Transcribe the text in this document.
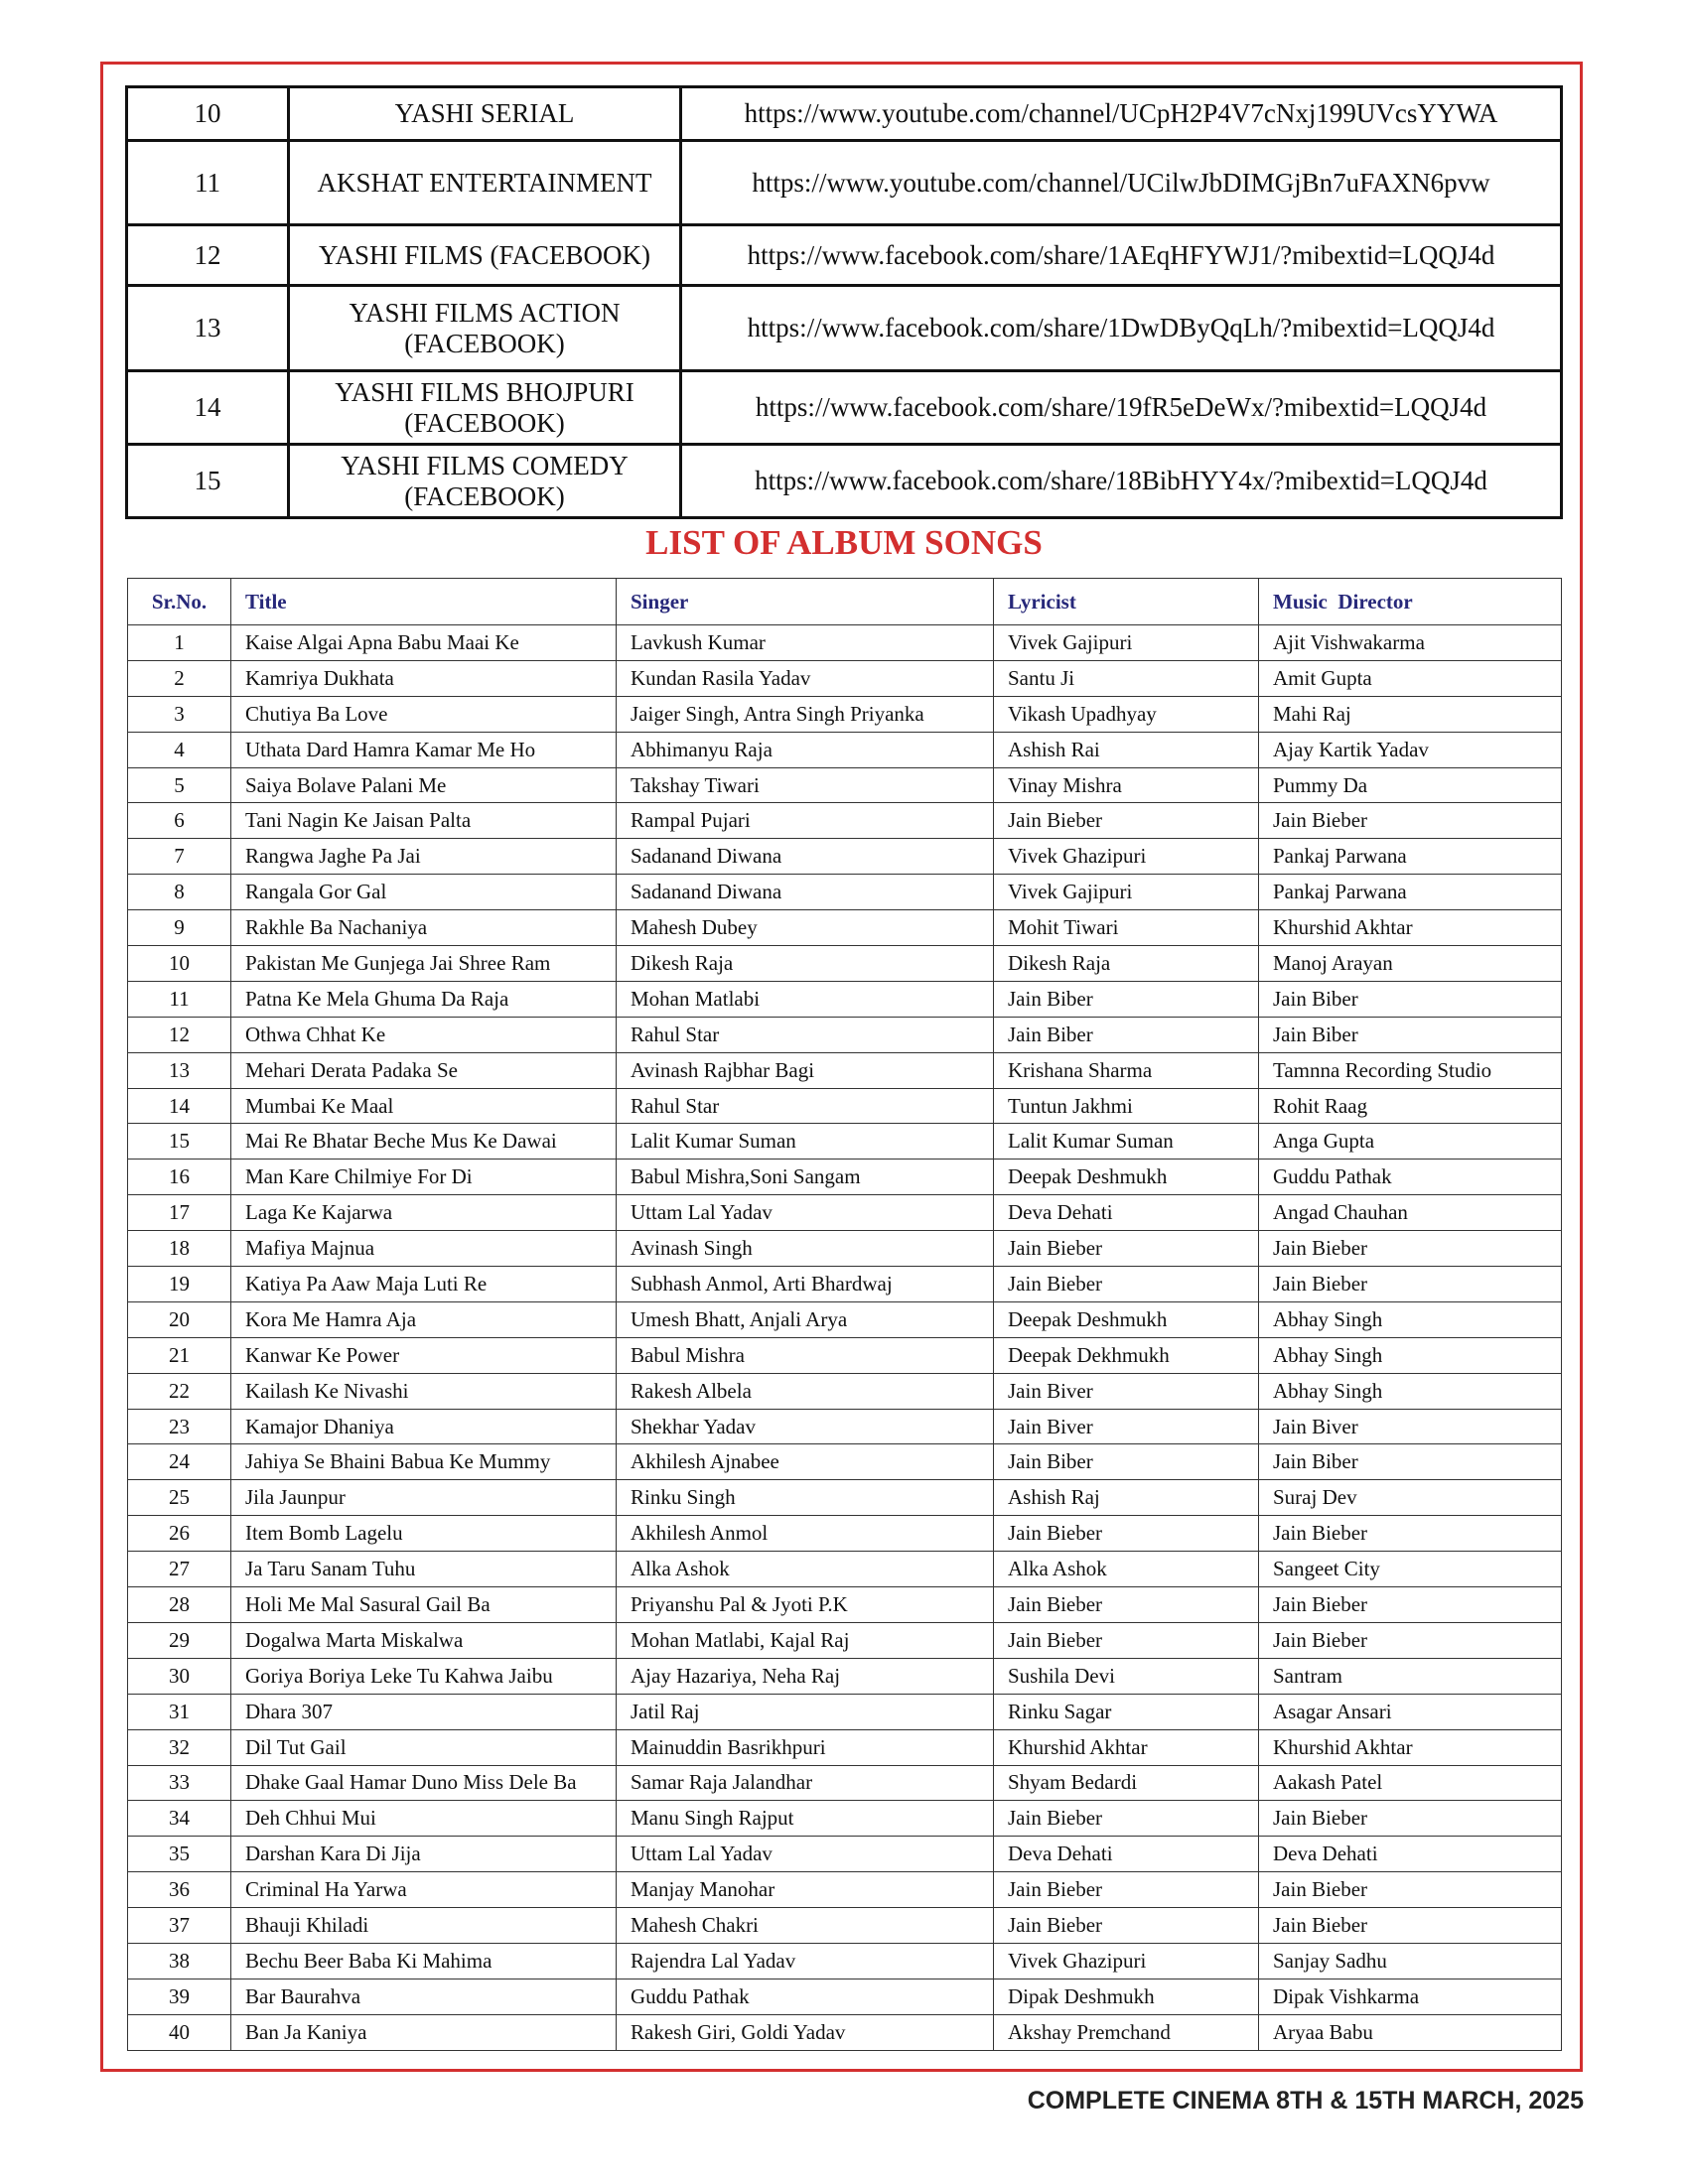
10	YASHI SERIAL	https://www.youtube.com/channel/UCpH2P4V7cNxj199UVcsYYWA
11	AKSHAT ENTERTAINMENT	https://www.youtube.com/channel/UCilwJbDIMGjBn7uFAXN6pvw
12	YASHI FILMS (FACEBOOK)	https://www.facebook.com/share/1AEqHFYWJ1/?mibextid=LQQJ4d
13	YASHI FILMS ACTION (FACEBOOK)	https://www.facebook.com/share/1DwDByQqLh/?mibextid=LQQJ4d
14	YASHI FILMS BHOJPURI (FACEBOOK)	https://www.facebook.com/share/19fR5eDeWx/?mibextid=LQQJ4d
15	YASHI FILMS COMEDY (FACEBOOK)	https://www.facebook.com/share/18BibHYY4x/?mibextid=LQQJ4d
LIST OF ALBUM SONGS
Sr.No.	Title	Singer	Lyricist	Music  Director
1	Kaise Algai Apna Babu Maai Ke	Lavkush Kumar	Vivek Gajipuri	Ajit Vishwakarma
2	Kamriya Dukhata	Kundan Rasila Yadav	Santu Ji	Amit Gupta
3	Chutiya Ba Love	Jaiger Singh, Antra Singh Priyanka	Vikash Upadhyay	Mahi Raj
4	Uthata Dard Hamra Kamar Me Ho	Abhimanyu Raja	Ashish Rai	Ajay Kartik Yadav
5	Saiya Bolave Palani Me	Takshay Tiwari	Vinay Mishra	Pummy Da
6	Tani Nagin Ke Jaisan Palta	Rampal Pujari	Jain Bieber	Jain Bieber
7	Rangwa Jaghe Pa Jai	Sadanand Diwana	Vivek Ghazipuri	Pankaj Parwana
8	Rangala Gor Gal	Sadanand Diwana	Vivek Gajipuri	Pankaj Parwana
9	Rakhle Ba Nachaniya	Mahesh Dubey	Mohit Tiwari	Khurshid Akhtar
10	Pakistan Me Gunjega Jai Shree Ram	Dikesh Raja	Dikesh Raja	Manoj Arayan
11	Patna Ke Mela Ghuma Da Raja	Mohan Matlabi	Jain Biber	Jain Biber
12	Othwa Chhat Ke	Rahul Star	Jain Biber	Jain Biber
13	Mehari Derata Padaka Se	Avinash Rajbhar Bagi	Krishana Sharma	Tamnna Recording Studio
14	Mumbai Ke Maal	Rahul Star	Tuntun Jakhmi	Rohit Raag
15	Mai Re Bhatar Beche Mus Ke Dawai	Lalit Kumar Suman	Lalit Kumar Suman	Anga Gupta
16	Man Kare Chilmiye For Di	Babul Mishra,Soni Sangam	Deepak Deshmukh	Guddu Pathak
17	Laga Ke Kajarwa	Uttam Lal Yadav	Deva Dehati	Angad Chauhan
18	Mafiya Majnua	Avinash Singh	Jain Bieber	Jain Bieber
19	Katiya Pa Aaw Maja Luti Re	Subhash Anmol, Arti Bhardwaj	Jain Bieber	Jain Bieber
20	Kora Me Hamra Aja	Umesh Bhatt, Anjali Arya	Deepak Deshmukh	Abhay Singh
21	Kanwar Ke Power	Babul Mishra	Deepak Dekhmukh	Abhay Singh
22	Kailash Ke Nivashi	Rakesh Albela	Jain Biver	Abhay Singh
23	Kamajor Dhaniya	Shekhar Yadav	Jain Biver	Jain Biver
24	Jahiya Se Bhaini Babua Ke Mummy	Akhilesh Ajnabee	Jain Biber	Jain Biber
25	Jila Jaunpur	Rinku Singh	Ashish Raj	Suraj Dev
26	Item Bomb Lagelu	Akhilesh Anmol	Jain Bieber	Jain Bieber
27	Ja Taru Sanam Tuhu	Alka Ashok	Alka Ashok	Sangeet City
28	Holi Me Mal Sasural Gail Ba	Priyanshu Pal & Jyoti P.K	Jain Bieber	Jain Bieber
29	Dogalwa Marta Miskalwa	Mohan Matlabi, Kajal Raj	Jain Bieber	Jain Bieber
30	Goriya Boriya Leke Tu Kahwa Jaibu	Ajay Hazariya, Neha Raj	Sushila Devi	Santram
31	Dhara 307	Jatil Raj	Rinku Sagar	Asagar Ansari
32	Dil Tut Gail	Mainuddin Basrikhpuri	Khurshid Akhtar	Khurshid Akhtar
33	Dhake Gaal Hamar Duno Miss Dele Ba	Samar Raja Jalandhar	Shyam Bedardi	Aakash Patel
34	Deh Chhui Mui	Manu Singh Rajput	Jain Bieber	Jain Bieber
35	Darshan Kara Di Jija	Uttam Lal Yadav	Deva Dehati	Deva Dehati
36	Criminal Ha Yarwa	Manjay Manohar	Jain Bieber	Jain Bieber
37	Bhauji Khiladi	Mahesh Chakri	Jain Bieber	Jain Bieber
38	Bechu Beer Baba Ki Mahima	Rajendra Lal Yadav	Vivek Ghazipuri	Sanjay Sadhu
39	Bar Baurahva	Guddu Pathak	Dipak Deshmukh	Dipak Vishkarma
40	Ban Ja Kaniya	Rakesh Giri, Goldi Yadav	Akshay Premchand	Aryaa Babu

COMPLETE CINEMA 8TH & 15TH MARCH, 2025
